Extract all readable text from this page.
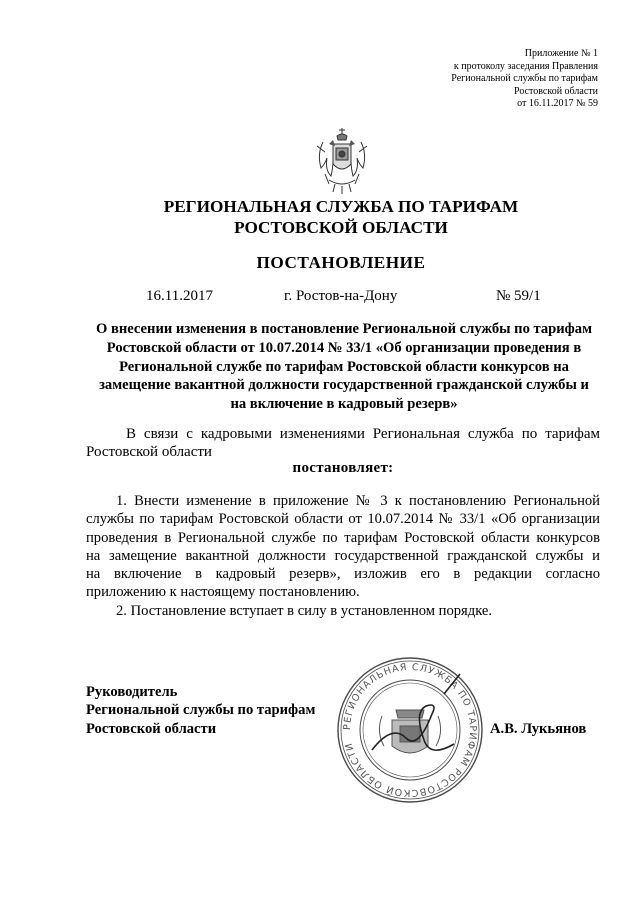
Приложение № 1
к протоколу заседания Правления
Региональной службы по тарифам
Ростовской области
от 16.11.2017 № 59
РЕГИОНАЛЬНАЯ СЛУЖБА ПО ТАРИФАМ
РОСТОВСКОЙ ОБЛАСТИ
ПОСТАНОВЛЕНИЕ
16.11.2017	г. Ростов-на-Дону	№ 59/1
О внесении изменения в постановление Региональной службы по тарифам
Ростовской области от 10.07.2014 № 33/1 «Об организации проведения в
Региональной службе по тарифам Ростовской области конкурсов на
замещение вакантной должности государственной гражданской службы и
на включение в кадровый резерв»
В связи с кадровыми изменениями Региональная служба по тарифам
Ростовской области
постановляет:
1. Внести изменение в приложение № 3 к постановлению Региональной
службы по тарифам Ростовской области от 10.07.2014 № 33/1 «Об организации
проведения в Региональной службе по тарифам Ростовской области конкурсов
на замещение вакантной должности государственной гражданской службы и
на включение в кадровый резерв», изложив его в редакции согласно
приложению к настоящему постановлению.
2. Постановление вступает в силу в установленном порядке.
Руководитель
Региональной службы по тарифам
Ростовской области	А.В. Лукьянов
РЕГИОНАЛЬНАЯ СЛУЖБА ПО ТАРИФАМ РОСТОВСКОЙ ОБЛАСТИ
